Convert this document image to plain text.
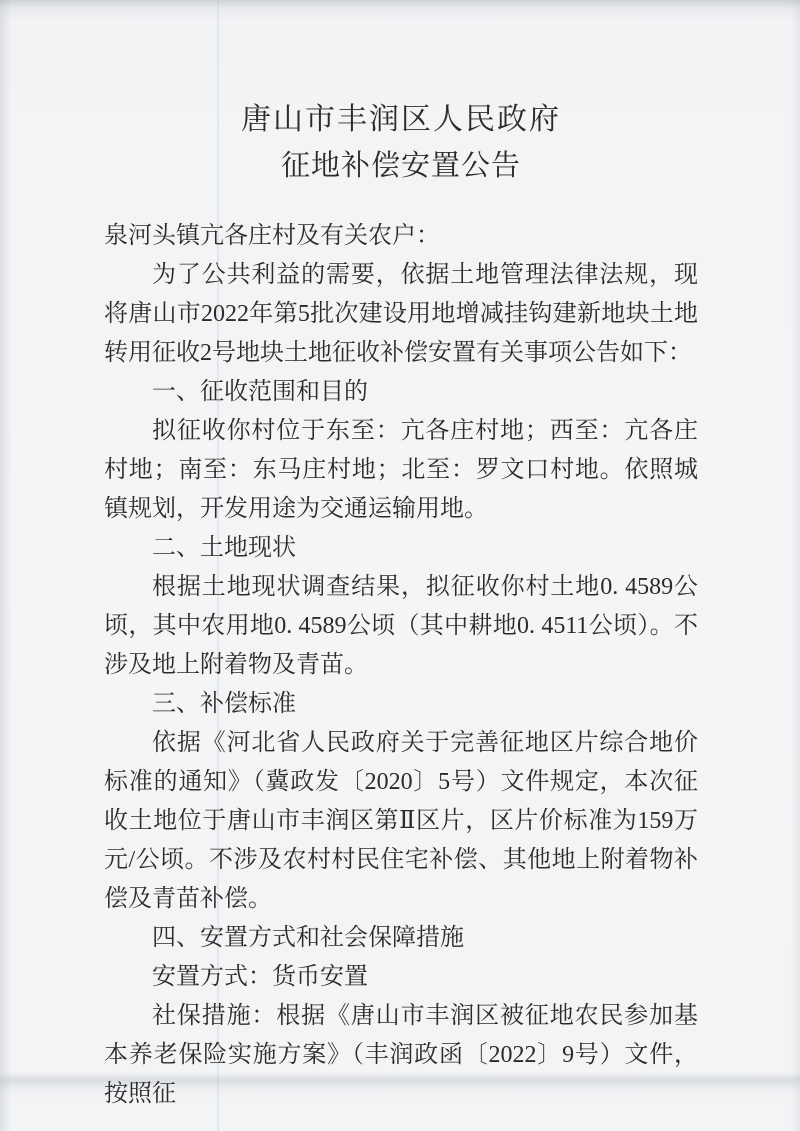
唐山市丰润区人民政府
征地补偿安置公告

泉河头镇亢各庄村及有关农户：

为了公共利益的需要，依据土地管理法律法规，现将唐山市2022年第5批次建设用地增减挂钩建新地块土地转用征收2号地块土地征收补偿安置有关事项公告如下：

一、征收范围和目的

拟征收你村位于东至：亢各庄村地；西至：亢各庄村地；南至：东马庄村地；北至：罗文口村地。依照城镇规划，开发用途为交通运输用地。

二、土地现状

根据土地现状调查结果，拟征收你村土地0. 4589公顷，其中农用地0. 4589公顷（其中耕地0. 4511公顷）。不涉及地上附着物及青苗。

三、补偿标准

依据《河北省人民政府关于完善征地区片综合地价标准的通知》（冀政发〔2020〕5号）文件规定，本次征收土地位于唐山市丰润区第Ⅱ区片，区片价标准为159万元/公顷。不涉及农村村民住宅补偿、其他地上附着物补偿及青苗补偿。

四、安置方式和社会保障措施

安置方式：货币安置

社保措施：根据《唐山市丰润区被征地农民参加基本养老保险实施方案》（丰润政函〔2022〕9号）文件，按照征
